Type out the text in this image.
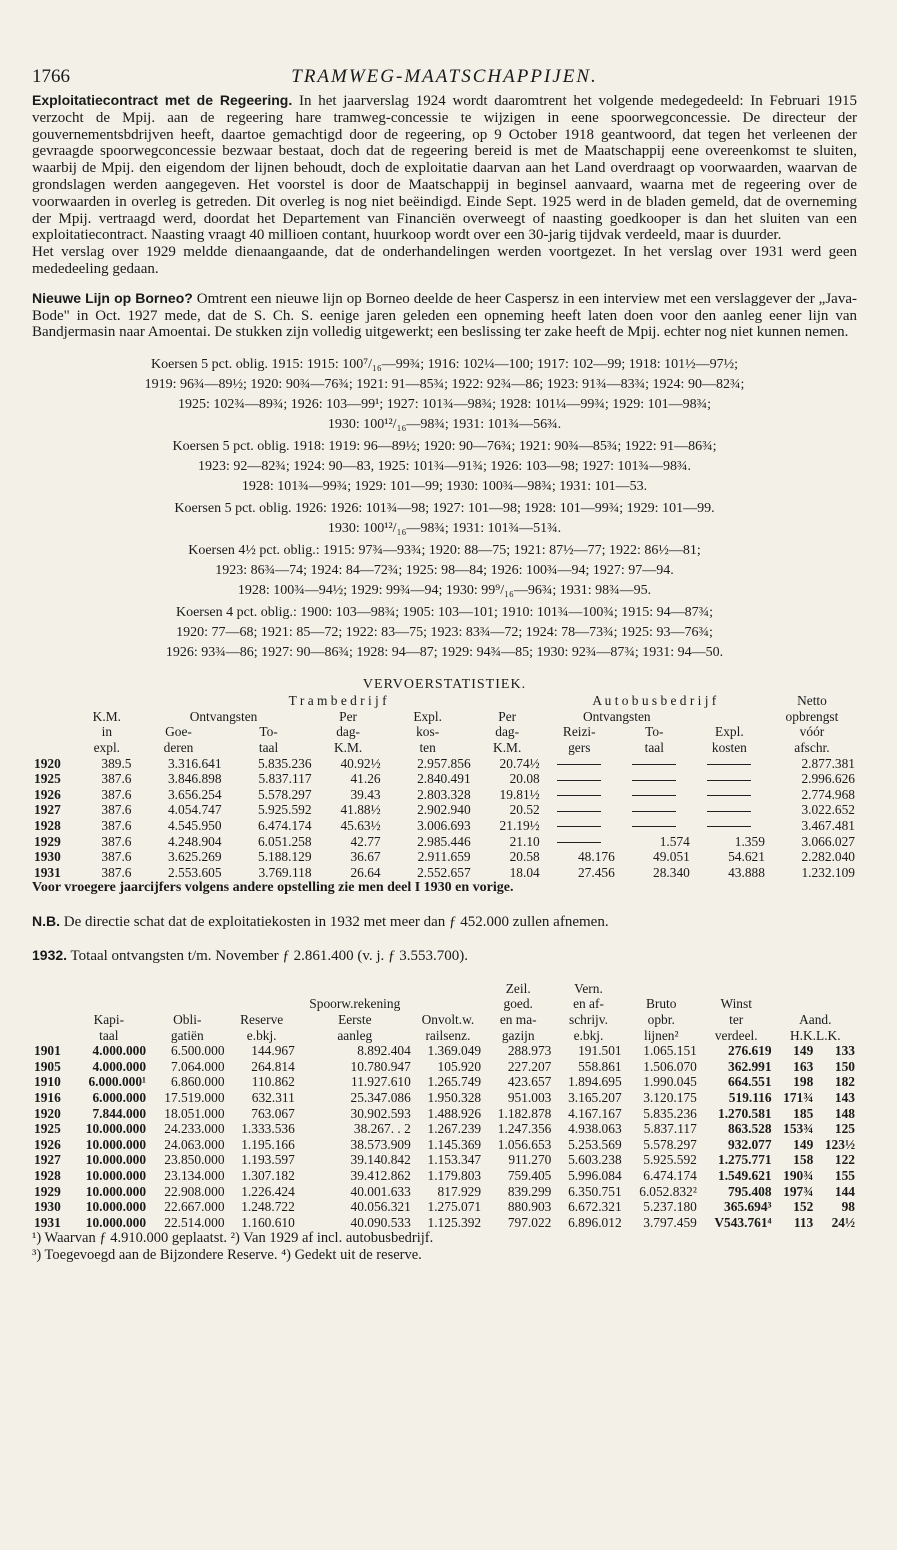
1766	TRAMWEG-MAATSCHAPPIJEN.

Exploitatiecontract met de Regeering. In het jaarverslag 1924 wordt daaromtrent het volgende medegedeeld: In Februari 1915 verzocht de Mpij. aan de regeering hare tramweg-concessie te wijzigen in eene spoorwegconcessie. De directeur der gouvernementsbdrijven heeft, daartoe gemachtigd door de regeering, op 9 October 1918 geantwoord, dat tegen het verleenen der gevraagde spoorwegconcessie bezwaar bestaat, doch dat de regeering bereid is met de Maatschappij eene overeenkomst te sluiten, waarbij de Mpij. den eigendom der lijnen behoudt, doch de exploitatie daarvan aan het Land overdraagt op voorwaarden, waarvan de grondslagen werden aangegeven. Het voorstel is door de Maatschappij in beginsel aanvaard, waarna met de regeering over de voorwaarden in overleg is getreden. Dit overleg is nog niet beëindigd. Einde Sept. 1925 werd in de bladen gemeld, dat de overneming der Mpij. vertraagd werd, doordat het Departement van Financiën overweegt of naasting goedkooper is dan het sluiten van een exploitatiecontract. Naasting vraagt 40 millioen contant, huurkoop wordt over een 30-jarig tijdvak verdeeld, maar is duurder.

Het verslag over 1929 meldde dienaangaande, dat de onderhandelingen werden voortgezet. In het verslag over 1931 werd geen mededeeling gedaan.

Nieuwe Lijn op Borneo? Omtrent een nieuwe lijn op Borneo deelde de heer Caspersz in een interview met een verslaggever der „Java-Bode" in Oct. 1927 mede, dat de S. Ch. S. eenige jaren geleden een opneming heeft laten doen voor den aanleg eener lijn van Bandjermasin naar Amoentai. De stukken zijn volledig uitgewerkt; een beslissing ter zake heeft de Mpij. echter nog niet kunnen nemen.

Koersen 5 pct. oblig. 1915: 1915: 100⁷/₁₆—99¾; 1916: 102¼—100; 1917: 102—99; 1918: 101½—97½;

1919: 96¾—89½; 1920: 90¾—76¾; 1921: 91—85¾; 1922: 92¾—86; 1923: 91¾—83¾; 1924: 90—82¾;

1925: 102¾—89¾; 1926: 103—99¹; 1927: 101¾—98¾; 1928: 101¼—99¾; 1929: 101—98¾;

1930: 100¹²/₁₆—98¾; 1931: 101¾—56¾.

Koersen 5 pct. oblig. 1918: 1919: 96—89½; 1920: 90—76¾; 1921: 90¾—85¾; 1922: 91—86¾;

1923: 92—82¾; 1924: 90—83, 1925: 101¾—91¾; 1926: 103—98; 1927: 101¾—98¾.

1928: 101¾—99¾; 1929: 101—99; 1930: 100¾—98¾; 1931: 101—53.

Koersen 5 pct. oblig. 1926: 1926: 101¾—98; 1927: 101—98; 1928: 101—99¾; 1929: 101—99.

1930: 100¹²/₁₆—98¾; 1931: 101¾—51¾.

Koersen 4½ pct. oblig.: 1915: 97¾—93¾; 1920: 88—75; 1921: 87½—77; 1922: 86½—81;

1923: 86¾—74; 1924: 84—72¾; 1925: 98—84; 1926: 100¾—94; 1927: 97—94.

1928: 100¾—94½; 1929: 99¾—94; 1930: 99⁹/₁₆—96¾; 1931: 98¾—95.

Koersen 4 pct. oblig.: 1900: 103—98¾; 1905: 103—101; 1910: 101¾—100¾; 1915: 94—87¾;

1920: 77—68; 1921: 85—72; 1922: 83—75; 1923: 83¾—72; 1924: 78—73¾; 1925: 93—76¾;

1926: 93¾—86; 1927: 90—86¾; 1928: 94—87; 1929: 94¾—85; 1930: 92¾—87¾; 1931: 94—50.

VERVOERSTATISTIEK.

		T r a m b e d r i j f					A u t o b u s b e d r i j f			Netto
	K.M.	Ontvangsten		Per	Expl.	Per	Ontvangsten			opbrengst
	in	Goe-	To-	dag-	kos-	dag-	Reizi-	To-	Expl.	vóór
	expl.	deren	taal	K.M.	ten	K.M.	gers	taal	kosten	afschr.
1920	389.5	3.316.641	5.835.236	40.92½	2.957.856	20.74½				2.877.381
1925	387.6	3.846.898	5.837.117	41.26	2.840.491	20.08				2.996.626
1926	387.6	3.656.254	5.578.297	39.43	2.803.328	19.81½				2.774.968
1927	387.6	4.054.747	5.925.592	41.88½	2.902.940	20.52				3.022.652
1928	387.6	4.545.950	6.474.174	45.63½	3.006.693	21.19½				3.467.481
1929	387.6	4.248.904	6.051.258	42.77	2.985.446	21.10		1.574	1.359	3.066.027
1930	387.6	3.625.269	5.188.129	36.67	2.911.659	20.58	48.176	49.051	54.621	2.282.040
1931	387.6	2.553.605	3.769.118	26.64	2.552.657	18.04	27.456	28.340	43.888	1.232.109

Voor vroegere jaarcijfers volgens andere opstelling zie men deel I 1930 en vorige.

N.B. De directie schat dat de exploitatiekosten in 1932 met meer dan ƒ 452.000 zullen afnemen.

1932. Totaal ontvangsten t/m. November ƒ 2.861.400 (v. j. ƒ 3.553.700).

						Zeil.	Vern.				
				Spoorw.rekening		goed.	en af-	Bruto	Winst		
	Kapi-	Obli-	Reserve	Eerste	Onvolt.w.	en ma-	schrijv.	opbr.	ter	Aand.	
	taal	gatiën	e.bkj.	aanleg	railsenz.	gazijn	e.bkj.	lijnen²	verdeel.	H.K.L.K.	
1901	4.000.000	6.500.000	144.967	8.892.404	1.369.049	288.973	191.501	1.065.151	276.619	149	133
1905	4.000.000	7.064.000	264.814	10.780.947	105.920	227.207	558.861	1.506.070	362.991	163	150
1910	6.000.000¹	6.860.000	110.862	11.927.610	1.265.749	423.657	1.894.695	1.990.045	664.551	198	182
1916	6.000.000	17.519.000	632.311	25.347.086	1.950.328	951.003	3.165.207	3.120.175	519.116	171¾	143
1920	7.844.000	18.051.000	763.067	30.902.593	1.488.926	1.182.878	4.167.167	5.835.236	1.270.581	185	148
1925	10.000.000	24.233.000	1.333.536	38.267. . 2	1.267.239	1.247.356	4.938.063	5.837.117	863.528	153¾	125
1926	10.000.000	24.063.000	1.195.166	38.573.909	1.145.369	1.056.653	5.253.569	5.578.297	932.077	149	123½
1927	10.000.000	23.850.000	1.193.597	39.140.842	1.153.347	911.270	5.603.238	5.925.592	1.275.771	158	122
1928	10.000.000	23.134.000	1.307.182	39.412.862	1.179.803	759.405	5.996.084	6.474.174	1.549.621	190¾	155
1929	10.000.000	22.908.000	1.226.424	40.001.633	817.929	839.299	6.350.751	6.052.832²	795.408	197¾	144
1930	10.000.000	22.667.000	1.248.722	40.056.321	1.275.071	880.903	6.672.321	5.237.180	365.694³	152	98
1931	10.000.000	22.514.000	1.160.610	40.090.533	1.125.392	797.022	6.896.012	3.797.459	V543.761⁴	113	24½

¹) Waarvan ƒ 4.910.000 geplaatst. ²) Van 1929 af incl. autobusbedrijf.

³) Toegevoegd aan de Bijzondere Reserve. ⁴) Gedekt uit de reserve.
